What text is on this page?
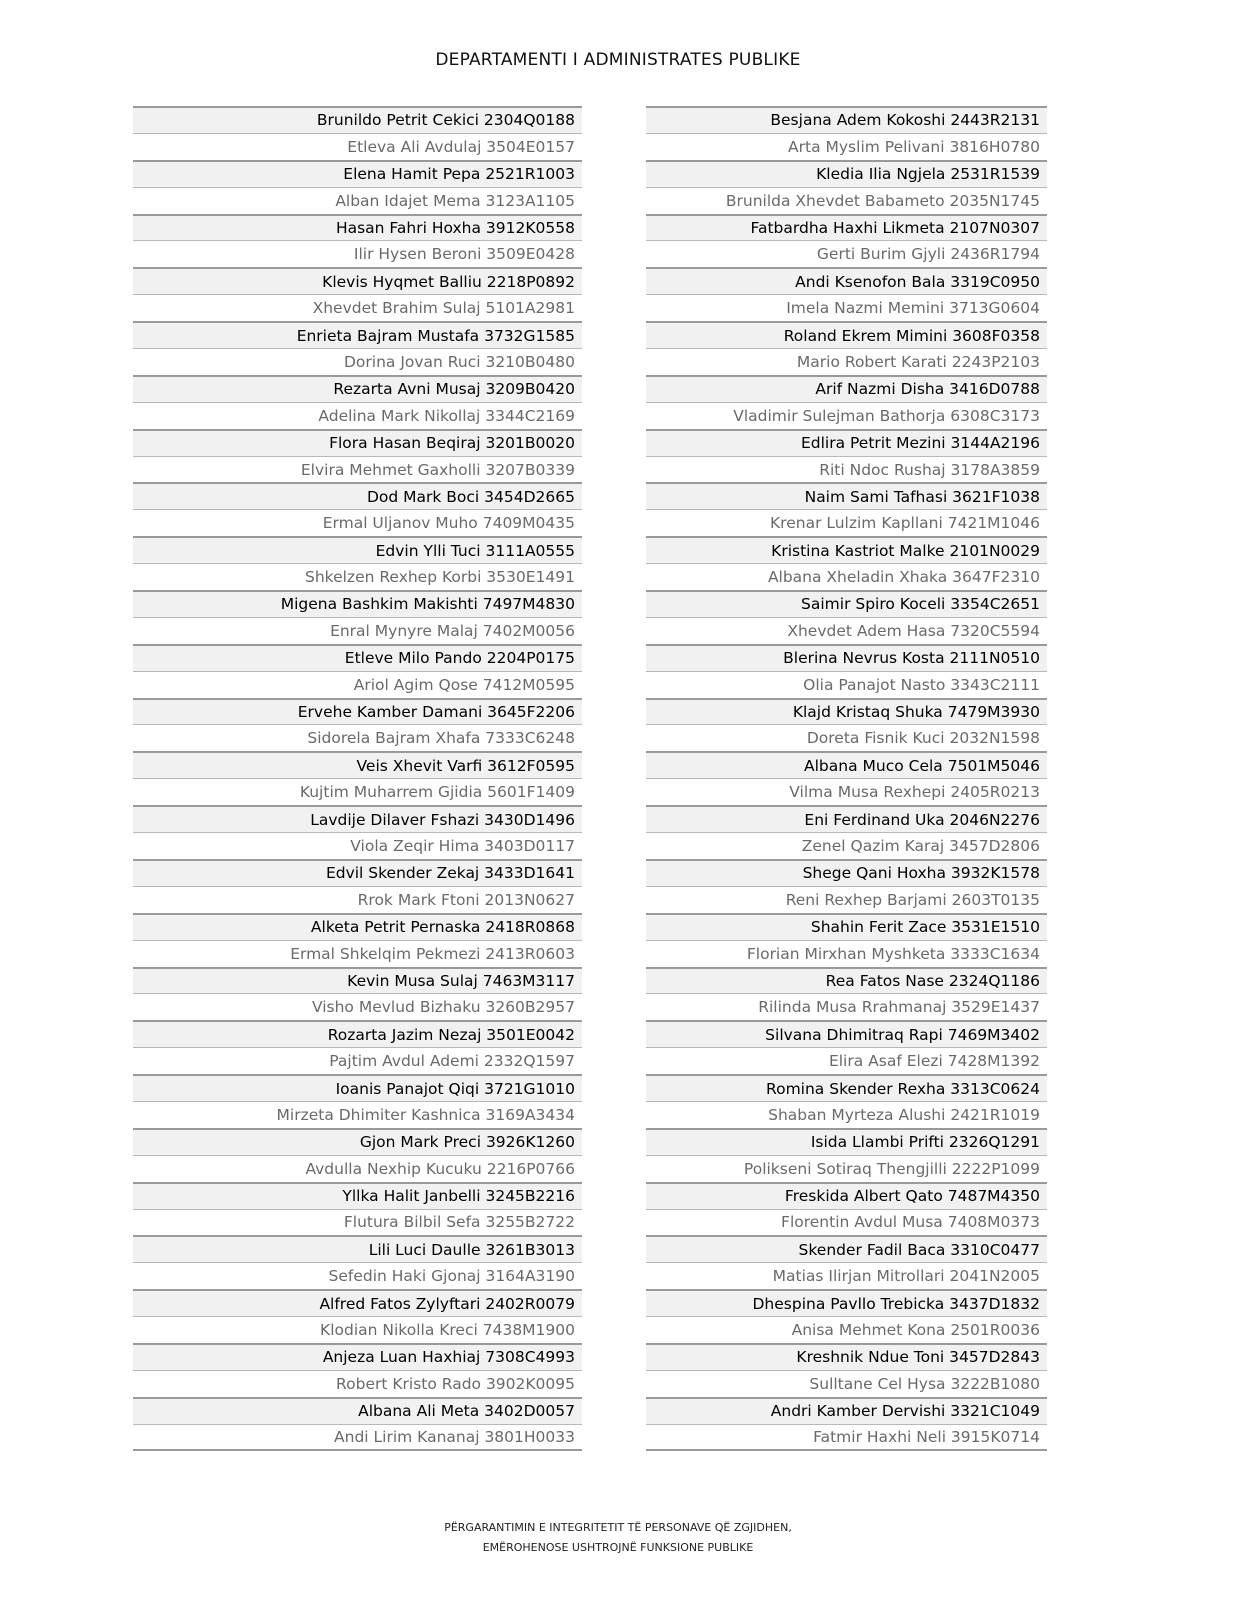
DEPARTAMENTI I ADMINISTRATES PUBLIKE
Brunildo Petrit Cekici 2304Q0188
Etleva Ali Avdulaj 3504E0157
Elena Hamit Pepa 2521R1003
Alban Idajet Mema 3123A1105
Hasan Fahri Hoxha 3912K0558
Ilir Hysen Beroni 3509E0428
Klevis Hyqmet Balliu 2218P0892
Xhevdet Brahim Sulaj 5101A2981
Enrieta Bajram Mustafa 3732G1585
Dorina Jovan Ruci 3210B0480
Rezarta Avni Musaj 3209B0420
Adelina Mark Nikollaj 3344C2169
Flora Hasan Beqiraj 3201B0020
Elvira Mehmet Gaxholli 3207B0339
Dod Mark Boci 3454D2665
Ermal Uljanov Muho 7409M0435
Edvin Ylli Tuci 3111A0555
Shkelzen Rexhep Korbi 3530E1491
Migena Bashkim Makishti 7497M4830
Enral Mynyre Malaj 7402M0056
Etleve Milo Pando 2204P0175
Ariol Agim Qose 7412M0595
Ervehe Kamber Damani 3645F2206
Sidorela Bajram Xhafa 7333C6248
Veis Xhevit Varfi 3612F0595
Kujtim Muharrem Gjidia 5601F1409
Lavdije Dilaver Fshazi 3430D1496
Viola Zeqir Hima 3403D0117
Edvil Skender Zekaj 3433D1641
Rrok Mark Ftoni 2013N0627
Alketa Petrit Pernaska 2418R0868
Ermal Shkelqim Pekmezi 2413R0603
Kevin Musa Sulaj 7463M3117
Visho Mevlud Bizhaku 3260B2957
Rozarta Jazim Nezaj 3501E0042
Pajtim Avdul Ademi 2332Q1597
Ioanis Panajot Qiqi 3721G1010
Mirzeta Dhimiter Kashnica 3169A3434
Gjon Mark Preci 3926K1260
Avdulla Nexhip Kucuku 2216P0766
Yllka Halit Janbelli 3245B2216
Flutura Bilbil Sefa 3255B2722
Lili Luci Daulle 3261B3013
Sefedin Haki Gjonaj 3164A3190
Alfred Fatos Zylyftari 2402R0079
Klodian Nikolla Kreci 7438M1900
Anjeza Luan Haxhiaj 7308C4993
Robert Kristo Rado 3902K0095
Albana Ali Meta 3402D0057
Andi Lirim Kananaj 3801H0033
Besjana Adem Kokoshi 2443R2131
Arta Myslim Pelivani 3816H0780
Kledia Ilia Ngjela 2531R1539
Brunilda Xhevdet Babameto 2035N1745
Fatbardha Haxhi Likmeta 2107N0307
Gerti Burim Gjyli 2436R1794
Andi Ksenofon Bala 3319C0950
Imela Nazmi Memini 3713G0604
Roland Ekrem Mimini 3608F0358
Mario Robert Karati 2243P2103
Arif Nazmi Disha 3416D0788
Vladimir Sulejman Bathorja 6308C3173
Edlira Petrit Mezini 3144A2196
Riti Ndoc Rushaj 3178A3859
Naim Sami Tafhasi 3621F1038
Krenar Lulzim Kapllani 7421M1046
Kristina Kastriot Malke 2101N0029
Albana Xheladin Xhaka 3647F2310
Saimir Spiro Koceli 3354C2651
Xhevdet Adem Hasa 7320C5594
Blerina Nevrus Kosta 2111N0510
Olia Panajot Nasto 3343C2111
Klajd Kristaq Shuka 7479M3930
Doreta Fisnik Kuci 2032N1598
Albana Muco Cela 7501M5046
Vilma Musa Rexhepi 2405R0213
Eni Ferdinand Uka 2046N2276
Zenel Qazim Karaj 3457D2806
Shege Qani Hoxha 3932K1578
Reni Rexhep Barjami 2603T0135
Shahin Ferit Zace 3531E1510
Florian Mirxhan Myshketa 3333C1634
Rea Fatos Nase 2324Q1186
Rilinda Musa Rrahmanaj 3529E1437
Silvana Dhimitraq Rapi 7469M3402
Elira Asaf Elezi 7428M1392
Romina Skender Rexha 3313C0624
Shaban Myrteza Alushi 2421R1019
Isida Llambi Prifti 2326Q1291
Polikseni Sotiraq Thengjilli 2222P1099
Freskida Albert Qato 7487M4350
Florentin Avdul Musa 7408M0373
Skender Fadil Baca 3310C0477
Matias Ilirjan Mitrollari 2041N2005
Dhespina Pavllo Trebicka 3437D1832
Anisa Mehmet Kona 2501R0036
Kreshnik Ndue Toni 3457D2843
Sulltane Cel Hysa 3222B1080
Andri Kamber Dervishi 3321C1049
Fatmir Haxhi Neli 3915K0714
PËRGARANTIMIN E INTEGRITETIT TË PERSONAVE QË ZGJIDHEN,
EMËROHENOSE USHTROJNË FUNKSIONE PUBLIKE
